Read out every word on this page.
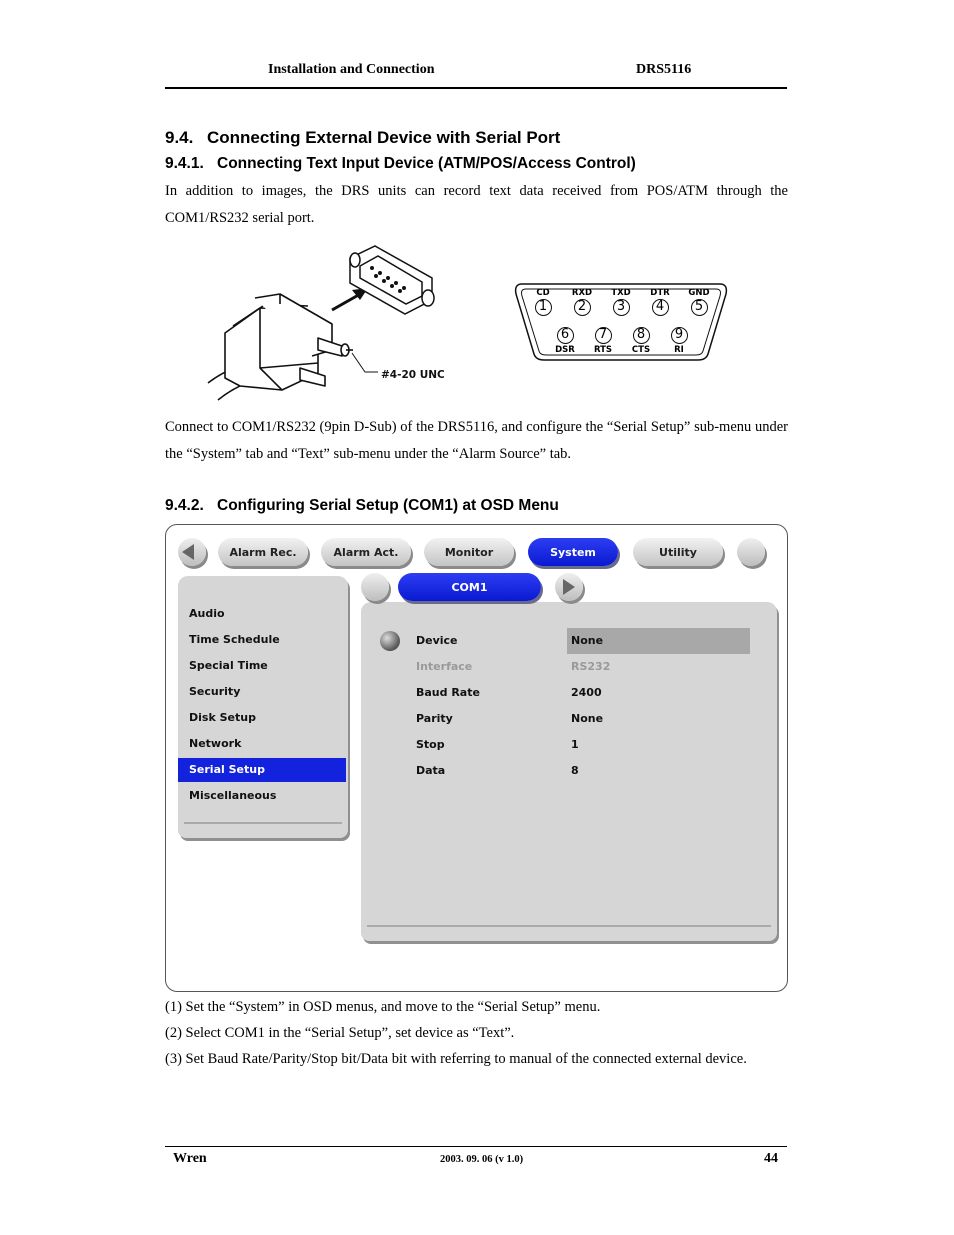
Installation and Connection	DRS5116
9.4. Connecting External Device with Serial Port
9.4.1. Connecting Text Input Device (ATM/POS/Access Control)
In addition to images, the DRS units can record text data received from POS/ATM through the COM1/RS232 serial port.
#4-20 UNC
CD
1
RXD
2
TXD
3
DTR
4
GND
5
6
DSR
7
RTS
8
CTS
9
RI
Connect to COM1/RS232 (9pin D-Sub) of the DRS5116, and configure the “Serial Setup” sub-menu under the “System” tab and “Text” sub-menu under the “Alarm Source” tab.
9.4.2. Configuring Serial Setup (COM1) at OSD Menu
Alarm Rec.	Alarm Act.	Monitor	System	Utility
Audio
Time Schedule
Special Time
Security
Disk Setup
Network
Serial Setup
Miscellaneous
COM1
Device	None
Interface	RS232
Baud Rate	2400
Parity	None
Stop	1
Data	8
(1) Set the “System” in OSD menus, and move to the “Serial Setup” menu.
(2) Select COM1 in the “Serial Setup”, set device as “Text”.
(3) Set Baud Rate/Parity/Stop bit/Data bit with referring to manual of the connected external device.
Wren	2003. 09. 06 (v 1.0)	44
